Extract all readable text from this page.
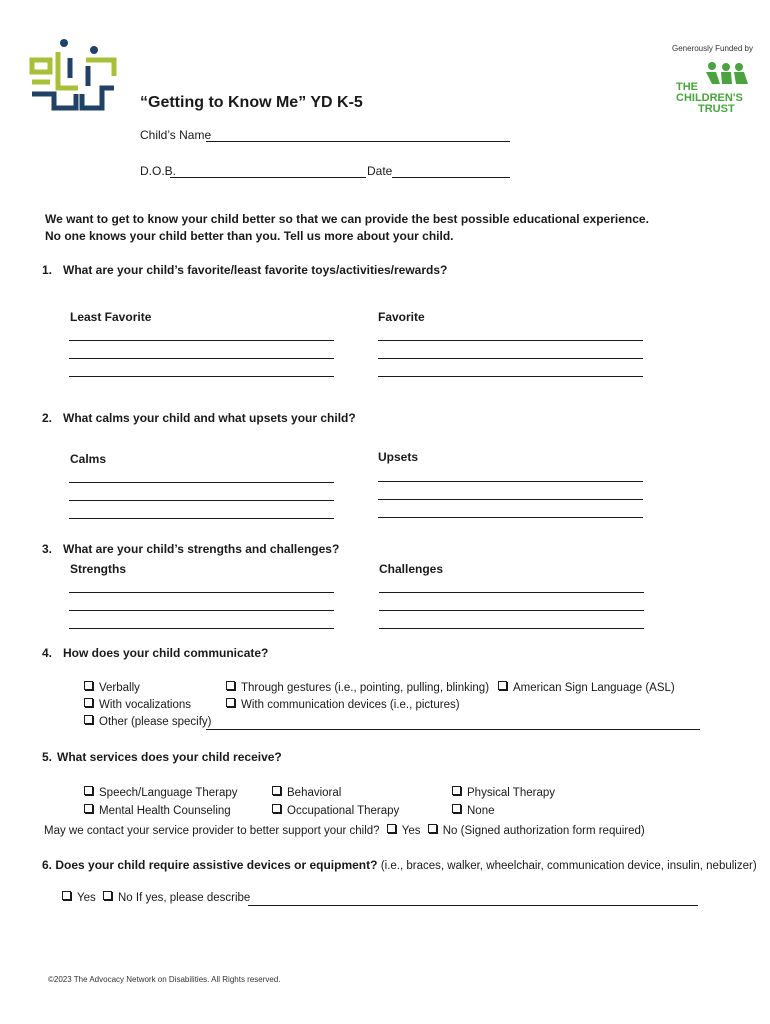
Generously Funded by
THE
CHILDREN'S
TRUST
“Getting to Know Me” YD K-5
Child’s Name
D.O.B.	Date
We want to get to know your child better so that we can provide the best possible educational experience.
No one knows your child better than you. Tell us more about your child.
1. What are your child’s favorite/least favorite toys/activities/rewards?
Least Favorite	Favorite
2. What calms your child and what upsets your child?
Calms	Upsets
3. What are your child’s strengths and challenges?
Strengths	Challenges
4. How does your child communicate?
Verbally
With vocalizations
Other (please specify)
Through gestures (i.e., pointing, pulling, blinking)
With communication devices (i.e., pictures)
American Sign Language (ASL)
5. What services does your child receive?
Speech/Language Therapy
Mental Health Counseling
Behavioral
Occupational Therapy
Physical Therapy
None
May we contact your service provider to better support your child? Yes No (Signed authorization form required)
6. Does your child require assistive devices or equipment? (i.e., braces, walker, wheelchair, communication device, insulin, nebulizer)
Yes No If yes, please describe
©2023 The Advocacy Network on Disabilities. All Rights reserved.
